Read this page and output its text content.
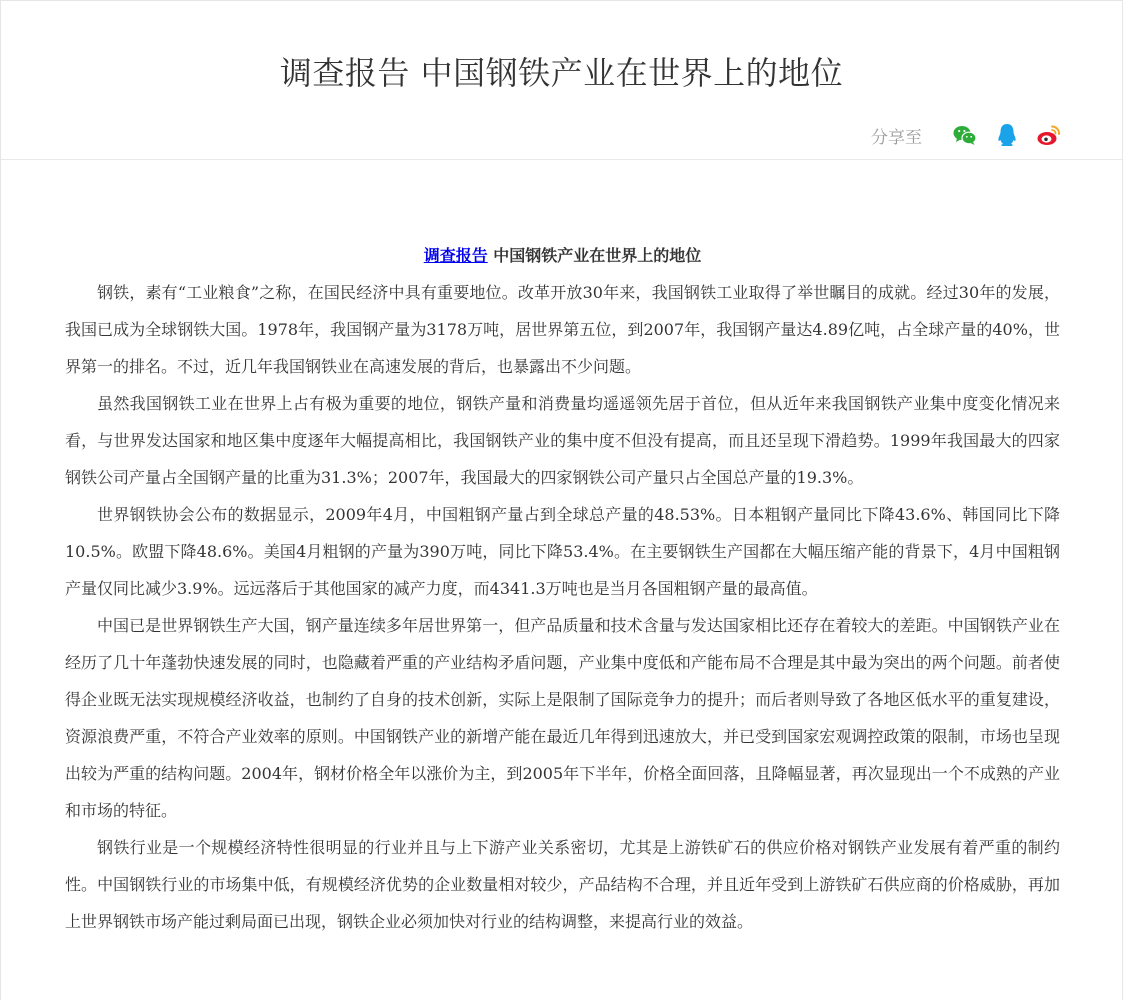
调查报告 中国钢铁产业在世界上的地位
分享至
调查报告 中国钢铁产业在世界上的地位

钢铁，素有“工业粮食”之称，在国民经济中具有重要地位。改革开放30年来，我国钢铁工业取得了举世瞩目的成就。经过30年的发展，我国已成为全球钢铁大国。1978年，我国钢产量为3178万吨，居世界第五位，到2007年，我国钢产量达4.89亿吨，占全球产量的40%，世界第一的排名。不过，近几年我国钢铁业在高速发展的背后，也暴露出不少问题。

虽然我国钢铁工业在世界上占有极为重要的地位，钢铁产量和消费量均遥遥领先居于首位，但从近年来我国钢铁产业集中度变化情况来看，与世界发达国家和地区集中度逐年大幅提高相比，我国钢铁产业的集中度不但没有提高，而且还呈现下滑趋势。1999年我国最大的四家钢铁公司产量占全国钢产量的比重为31.3%；2007年，我国最大的四家钢铁公司产量只占全国总产量的19.3%。

世界钢铁协会公布的数据显示，2009年4月，中国粗钢产量占到全球总产量的48.53%。日本粗钢产量同比下降43.6%、韩国同比下降10.5%。欧盟下降48.6%。美国4月粗钢的产量为390万吨，同比下降53.4%。在主要钢铁生产国都在大幅压缩产能的背景下，4月中国粗钢产量仅同比减少3.9%。远远落后于其他国家的减产力度，而4341.3万吨也是当月各国粗钢产量的最高值。

中国已是世界钢铁生产大国，钢产量连续多年居世界第一，但产品质量和技术含量与发达国家相比还存在着较大的差距。中国钢铁产业在经历了几十年蓬勃快速发展的同时，也隐藏着严重的产业结构矛盾问题，产业集中度低和产能布局不合理是其中最为突出的两个问题。前者使得企业既无法实现规模经济收益，也制约了自身的技术创新，实际上是限制了国际竞争力的提升；而后者则导致了各地区低水平的重复建设，资源浪费严重，不符合产业效率的原则。中国钢铁产业的新增产能在最近几年得到迅速放大，并已受到国家宏观调控政策的限制，市场也呈现出较为严重的结构问题。2004年，钢材价格全年以涨价为主，到2005年下半年，价格全面回落，且降幅显著，再次显现出一个不成熟的产业和市场的特征。

钢铁行业是一个规模经济特性很明显的行业并且与上下游产业关系密切，尤其是上游铁矿石的供应价格对钢铁产业发展有着严重的制约性。中国钢铁行业的市场集中低，有规模经济优势的企业数量相对较少，产品结构不合理，并且近年受到上游铁矿石供应商的价格威胁，再加上世界钢铁市场产能过剩局面已出现，钢铁企业必须加快对行业的结构调整，来提高行业的效益。
